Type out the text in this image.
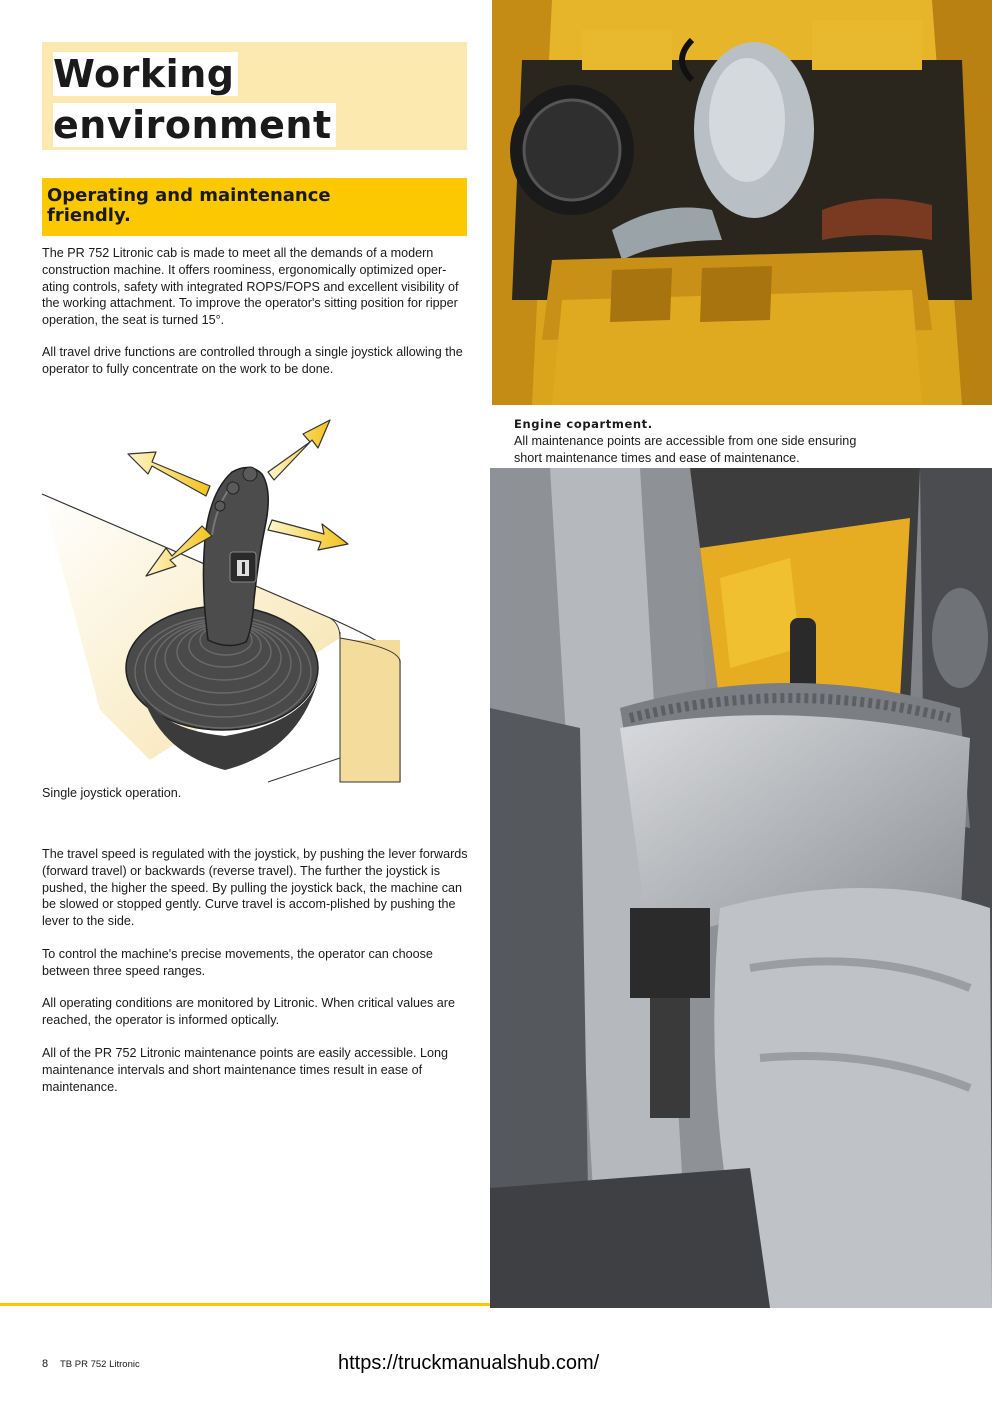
Working
environment
Operating and maintenance
friendly.

The PR 752 Litronic cab is made to meet all the demands of a modern construction machine. It offers roominess, ergonomically optimized oper-ating controls, safety with integrated ROPS/FOPS and excellent visibility of the working attachment. To improve the operator's sitting position for ripper operation, the seat is turned 15°.

All travel drive functions are controlled through a single joystick allowing the operator to fully concentrate on the work to be done.

Single joystick operation.

The travel speed is regulated with the joystick, by pushing the lever forwards (forward travel) or backwards (reverse travel). The further the joystick is pushed, the higher the speed. By pulling the joystick back, the machine can be slowed or stopped gently. Curve travel is accom-plished by pushing the lever to the side.

To control the machine's precise movements, the operator can choose between three speed ranges.

All operating conditions are monitored by Litronic. When critical values are reached, the operator is informed optically.

All of the PR 752 Litronic maintenance points are easily accessible. Long maintenance intervals and short maintenance times result in ease of maintenance.

Engine copartment.
All maintenance points are accessible from one side ensuring short maintenance times and ease of maintenance.
8 TB PR 752 Litronic	https://truckmanualshub.com/
